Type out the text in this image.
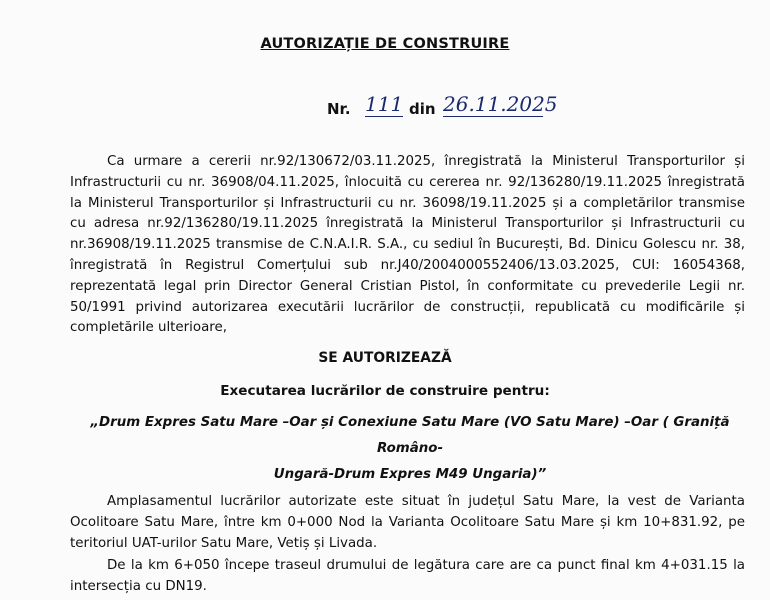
AUTORIZAȚIE DE CONSTRUIRE
Nr. 111 din 26.11.2025

Ca urmare a cererii nr.92/130672/03.11.2025, înregistrată la Ministerul Transporturilor și Infrastructurii cu nr. 36908/04.11.2025, înlocuită cu cererea nr. 92/136280/19.11.2025 înregistrată la Ministerul Transporturilor și Infrastructurii cu nr. 36098/19.11.2025 și a completărilor transmise cu adresa nr.92/136280/19.11.2025 înregistrată la Ministerul Transporturilor și Infrastructurii cu nr.36908/19.11.2025 transmise de C.N.A.I.R. S.A., cu sediul în București, Bd. Dinicu Golescu nr. 38, înregistrată în Registrul Comerțului sub nr.J40/2004000552406/13.03.2025, CUI: 16054368, reprezentată legal prin Director General Cristian Pistol, în conformitate cu prevederile Legii nr. 50/1991 privind autorizarea executării lucrărilor de construcții, republicată cu modificările și completările ulterioare,

SE AUTORIZEAZĂ
Executarea lucrărilor de construire pentru:
„Drum Expres Satu Mare –Oar și Conexiune Satu Mare (VO Satu Mare) –Oar ( Graniță Româno-
Ungară-Drum Expres M49 Ungaria)”

Amplasamentul lucrărilor autorizate este situat în județul Satu Mare, la vest de Varianta Ocolitoare Satu Mare, între km 0+000 Nod la Varianta Ocolitoare Satu Mare și km 10+831.92, pe teritoriul UAT-urilor Satu Mare, Vetiș și Livada.

De la km 6+050 începe traseul drumului de legătura care are ca punct final km 4+031.15 la intersecția cu DN19.
